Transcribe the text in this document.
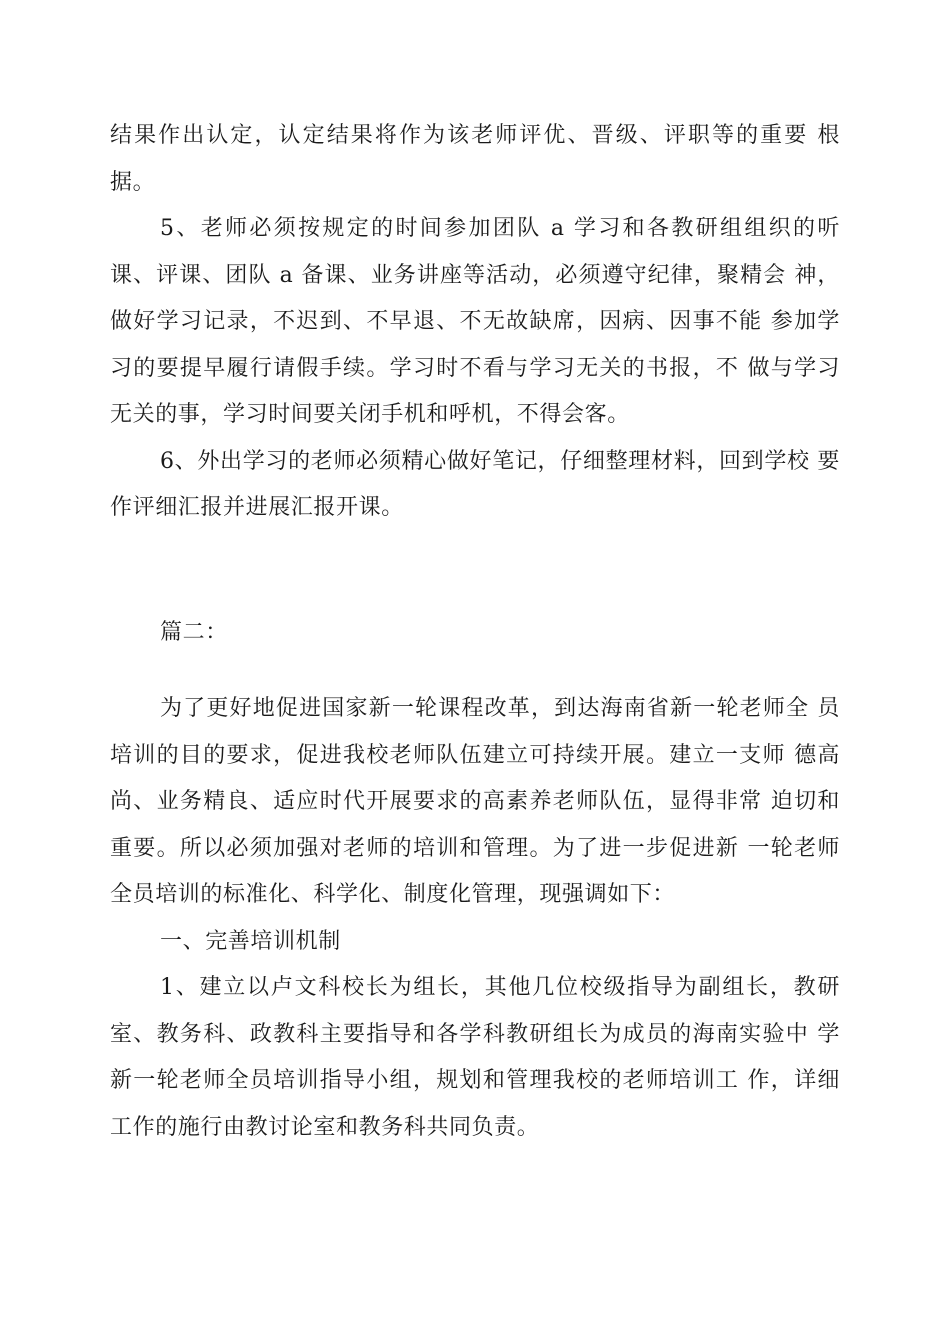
结果作出认定，认定结果将作为该老师评优、晋级、评职等的重要 根据。

5、老师必须按规定的时间参加团队 a 学习和各教研组组织的听 课、评课、团队 a 备课、业务讲座等活动，必须遵守纪律，聚精会 神，做好学习记录，不迟到、不早退、不无故缺席，因病、因事不能 参加学习的要提早履行请假手续。学习时不看与学习无关的书报，不 做与学习无关的事，学习时间要关闭手机和呼机，不得会客。

6、外出学习的老师必须精心做好笔记，仔细整理材料，回到学校 要作评细汇报并进展汇报开课。

篇二：

为了更好地促进国家新一轮课程改革，到达海南省新一轮老师全 员培训的目的要求，促进我校老师队伍建立可持续开展。建立一支师 德高尚、业务精良、适应时代开展要求的高素养老师队伍，显得非常 迫切和重要。所以必须加强对老师的培训和管理。为了进一步促进新 一轮老师全员培训的标准化、科学化、制度化管理，现强调如下：

一、完善培训机制

1、建立以卢文科校长为组长，其他几位校级指导为副组长，教研室、教务科、政教科主要指导和各学科教研组长为成员的海南实验中 学新一轮老师全员培训指导小组，规划和管理我校的老师培训工 作，详细工作的施行由教讨论室和教务科共同负责。
